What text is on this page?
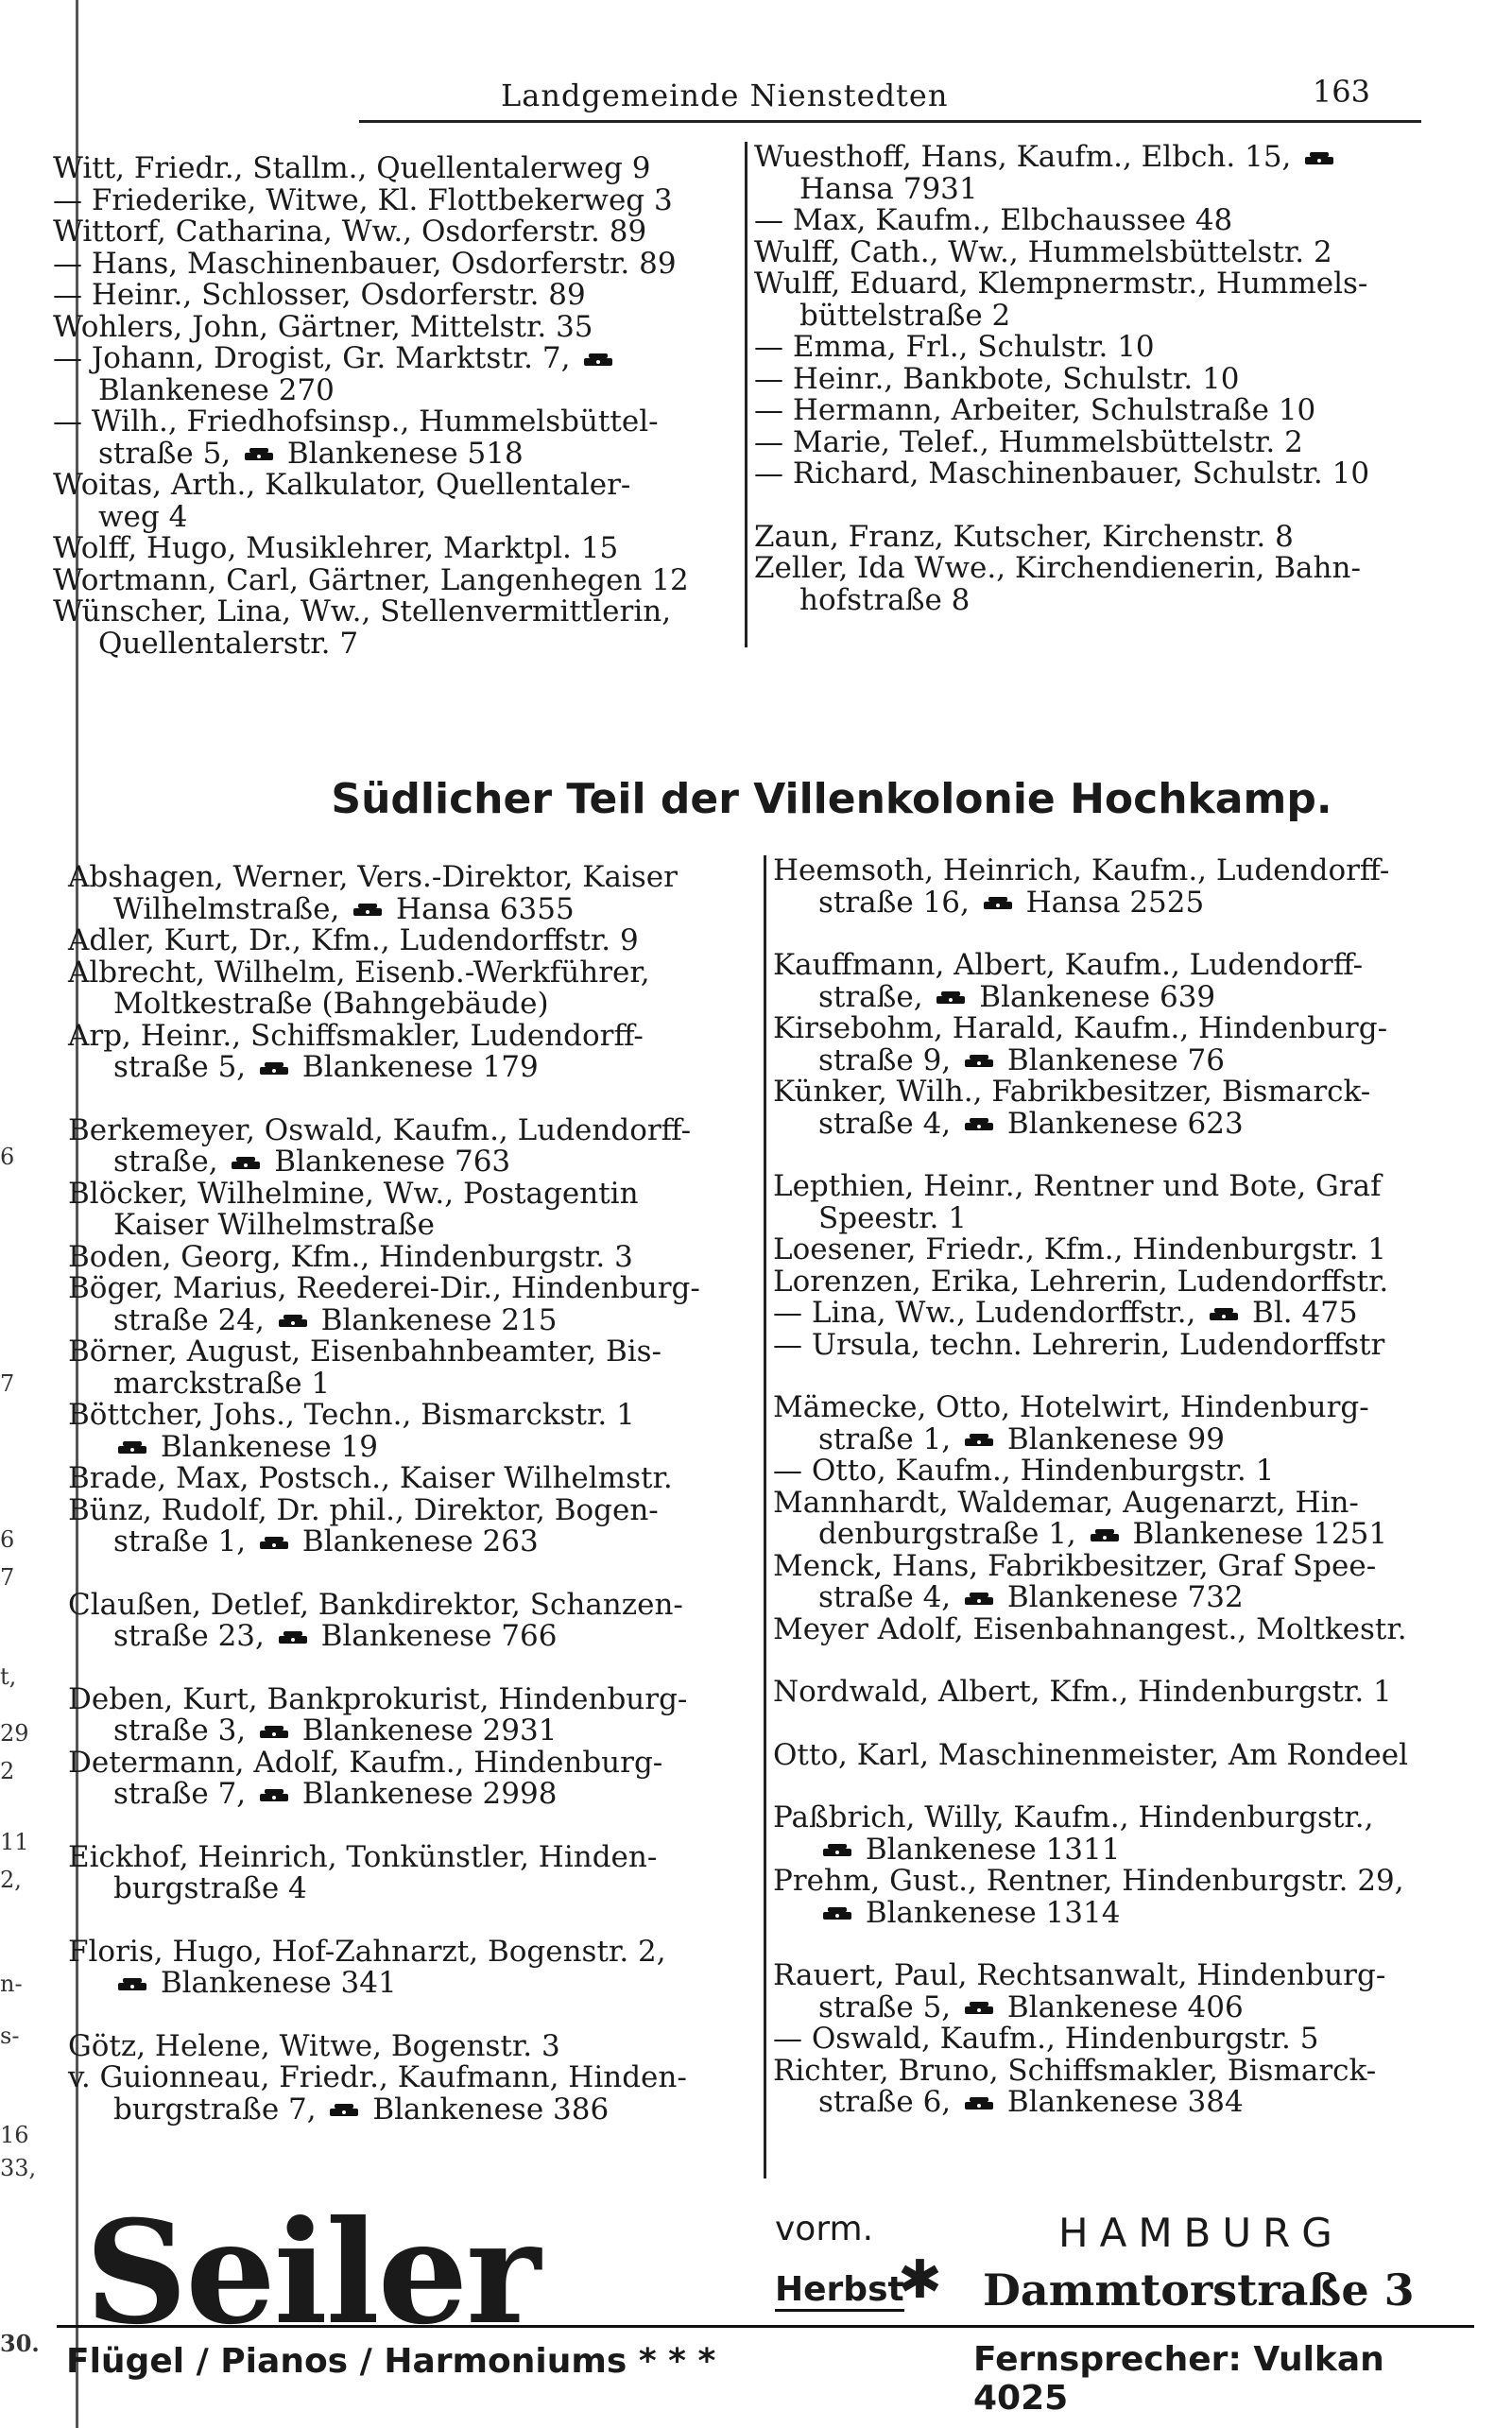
6
7
6
7
t,
29
2
11
2,
n-
s-
16
33,
30.
Landgemeinde Nienstedten	163
Witt, Friedr., Stallm., Quellentalerweg 9
— Friederike, Witwe, Kl. Flottbekerweg 3
Wittorf, Catharina, Ww., Osdorferstr. 89
— Hans, Maschinenbauer, Osdorferstr. 89
— Heinr., Schlosser, Osdorferstr. 89
Wohlers, John, Gärtner, Mittelstr. 35
— Johann, Drogist, Gr. Marktstr. 7,
Blankenese 270
— Wilh., Friedhofsinsp., Hummelsbüttel-
straße 5,
Blankenese 518
Woitas, Arth., Kalkulator, Quellentaler-
weg 4
Wolff, Hugo, Musiklehrer, Marktpl. 15
Wortmann, Carl, Gärtner, Langenhegen 12
Wünscher, Lina, Ww., Stellenvermittlerin,
Quellentalerstr. 7
Wuesthoff, Hans, Kaufm., Elbch. 15,
Hansa 7931
— Max, Kaufm., Elbchaussee 48
Wulff, Cath., Ww., Hummelsbüttelstr. 2
Wulff, Eduard, Klempnermstr., Hummels-
büttelstraße 2
— Emma, Frl., Schulstr. 10
— Heinr., Bankbote, Schulstr. 10
— Hermann, Arbeiter, Schulstraße 10
— Marie, Telef., Hummelsbüttelstr. 2
— Richard, Maschinenbauer, Schulstr. 10
Zaun, Franz, Kutscher, Kirchenstr. 8
Zeller, Ida Wwe., Kirchendienerin, Bahn-
hofstraße 8
Südlicher Teil der Villenkolonie Hochkamp.
Abshagen, Werner, Vers.-Direktor, Kaiser
Wilhelmstraße,
Hansa 6355
Adler, Kurt, Dr., Kfm., Ludendorffstr. 9
Albrecht, Wilhelm, Eisenb.-Werkführer,
Moltkestraße (Bahngebäude)
Arp, Heinr., Schiffsmakler, Ludendorff-
straße 5,
Blankenese 179
Berkemeyer, Oswald, Kaufm., Ludendorff-
straße,
Blankenese 763
Blöcker, Wilhelmine, Ww., Postagentin
Kaiser Wilhelmstraße
Boden, Georg, Kfm., Hindenburgstr. 3
Böger, Marius, Reederei-Dir., Hindenburg-
straße 24,
Blankenese 215
Börner, August, Eisenbahnbeamter, Bis-
marckstraße 1
Böttcher, Johs., Techn., Bismarckstr. 1
Blankenese 19
Brade, Max, Postsch., Kaiser Wilhelmstr.
Bünz, Rudolf, Dr. phil., Direktor, Bogen-
straße 1,
Blankenese 263
Claußen, Detlef, Bankdirektor, Schanzen-
straße 23,
Blankenese 766
Deben, Kurt, Bankprokurist, Hindenburg-
straße 3,
Blankenese 2931
Determann, Adolf, Kaufm., Hindenburg-
straße 7,
Blankenese 2998
Eickhof, Heinrich, Tonkünstler, Hinden-
burgstraße 4
Floris, Hugo, Hof-Zahnarzt, Bogenstr. 2,
Blankenese 341
Götz, Helene, Witwe, Bogenstr. 3
v. Guionneau, Friedr., Kaufmann, Hinden-
burgstraße 7,
Blankenese 386
Heemsoth, Heinrich, Kaufm., Ludendorff-
straße 16,
Hansa 2525
Kauffmann, Albert, Kaufm., Ludendorff-
straße,
Blankenese 639
Kirsebohm, Harald, Kaufm., Hindenburg-
straße 9,
Blankenese 76
Künker, Wilh., Fabrikbesitzer, Bismarck-
straße 4,
Blankenese 623
Lepthien, Heinr., Rentner und Bote, Graf
Speestr. 1
Loesener, Friedr., Kfm., Hindenburgstr. 1
Lorenzen, Erika, Lehrerin, Ludendorffstr.
— Lina, Ww., Ludendorffstr.,
Bl. 475
— Ursula, techn. Lehrerin, Ludendorffstr
Mämecke, Otto, Hotelwirt, Hindenburg-
straße 1,
Blankenese 99
— Otto, Kaufm., Hindenburgstr. 1
Mannhardt, Waldemar, Augenarzt, Hin-
denburgstraße 1,
Blankenese 1251
Menck, Hans, Fabrikbesitzer, Graf Spee-
straße 4,
Blankenese 732
Meyer Adolf, Eisenbahnangest., Moltkestr.
Nordwald, Albert, Kfm., Hindenburgstr. 1
Otto, Karl, Maschinenmeister, Am Rondeel
Paßbrich, Willy, Kaufm., Hindenburgstr.,
Blankenese 1311
Prehm, Gust., Rentner, Hindenburgstr. 29,
Blankenese 1314
Rauert, Paul, Rechtsanwalt, Hindenburg-
straße 5,
Blankenese 406
— Oswald, Kaufm., Hindenburgstr. 5
Richter, Bruno, Schiffsmakler, Bismarck-
straße 6,
Blankenese 384
Seiler	vorm.
Herbst
✱
HAMBURG
Dammtorstraße 3
Flügel / Pianos / Harmoniums * * *	Fernsprecher: Vulkan 4025
